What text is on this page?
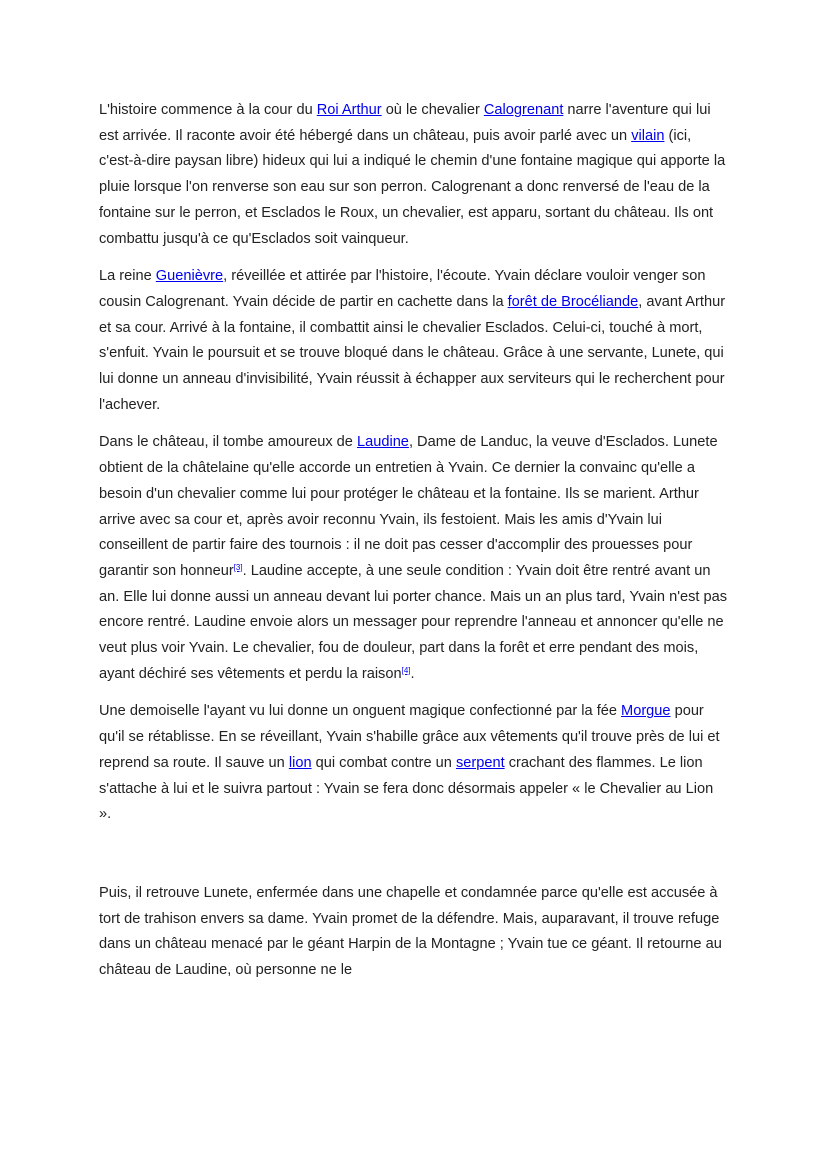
L'histoire commence à la cour du Roi Arthur où le chevalier Calogrenant narre l'aventure qui lui est arrivée. Il raconte avoir été hébergé dans un château, puis avoir parlé avec un vilain (ici, c'est-à-dire paysan libre) hideux qui lui a indiqué le chemin d'une fontaine magique qui apporte la pluie lorsque l'on renverse son eau sur son perron. Calogrenant a donc renversé de l'eau de la fontaine sur le perron, et Esclados le Roux, un chevalier, est apparu, sortant du château. Ils ont combattu jusqu'à ce qu'Esclados soit vainqueur.

La reine Guenièvre, réveillée et attirée par l'histoire, l'écoute. Yvain déclare vouloir venger son cousin Calogrenant. Yvain décide de partir en cachette dans la forêt de Brocéliande, avant Arthur et sa cour. Arrivé à la fontaine, il combattit ainsi le chevalier Esclados. Celui-ci, touché à mort, s'enfuit. Yvain le poursuit et se trouve bloqué dans le château. Grâce à une servante, Lunete, qui lui donne un anneau d'invisibilité, Yvain réussit à échapper aux serviteurs qui le recherchent pour l'achever.

Dans le château, il tombe amoureux de Laudine, Dame de Landuc, la veuve d'Esclados. Lunete obtient de la châtelaine qu'elle accorde un entretien à Yvain. Ce dernier la convainc qu'elle a besoin d'un chevalier comme lui pour protéger le château et la fontaine. Ils se marient. Arthur arrive avec sa cour et, après avoir reconnu Yvain, ils festoient. Mais les amis d'Yvain lui conseillent de partir faire des tournois : il ne doit pas cesser d'accomplir des prouesses pour garantir son honneur[3]. Laudine accepte, à une seule condition : Yvain doit être rentré avant un an. Elle lui donne aussi un anneau devant lui porter chance. Mais un an plus tard, Yvain n'est pas encore rentré. Laudine envoie alors un messager pour reprendre l'anneau et annoncer qu'elle ne veut plus voir Yvain. Le chevalier, fou de douleur, part dans la forêt et erre pendant des mois, ayant déchiré ses vêtements et perdu la raison[4].

Une demoiselle l'ayant vu lui donne un onguent magique confectionné par la fée Morgue pour qu'il se rétablisse. En se réveillant, Yvain s'habille grâce aux vêtements qu'il trouve près de lui et reprend sa route. Il sauve un lion qui combat contre un serpent crachant des flammes. Le lion s'attache à lui et le suivra partout : Yvain se fera donc désormais appeler « le Chevalier au Lion ».

Puis, il retrouve Lunete, enfermée dans une chapelle et condamnée parce qu'elle est accusée à tort de trahison envers sa dame. Yvain promet de la défendre. Mais, auparavant, il trouve refuge dans un château menacé par le géant Harpin de la Montagne ; Yvain tue ce géant. Il retourne au château de Laudine, où personne ne le
